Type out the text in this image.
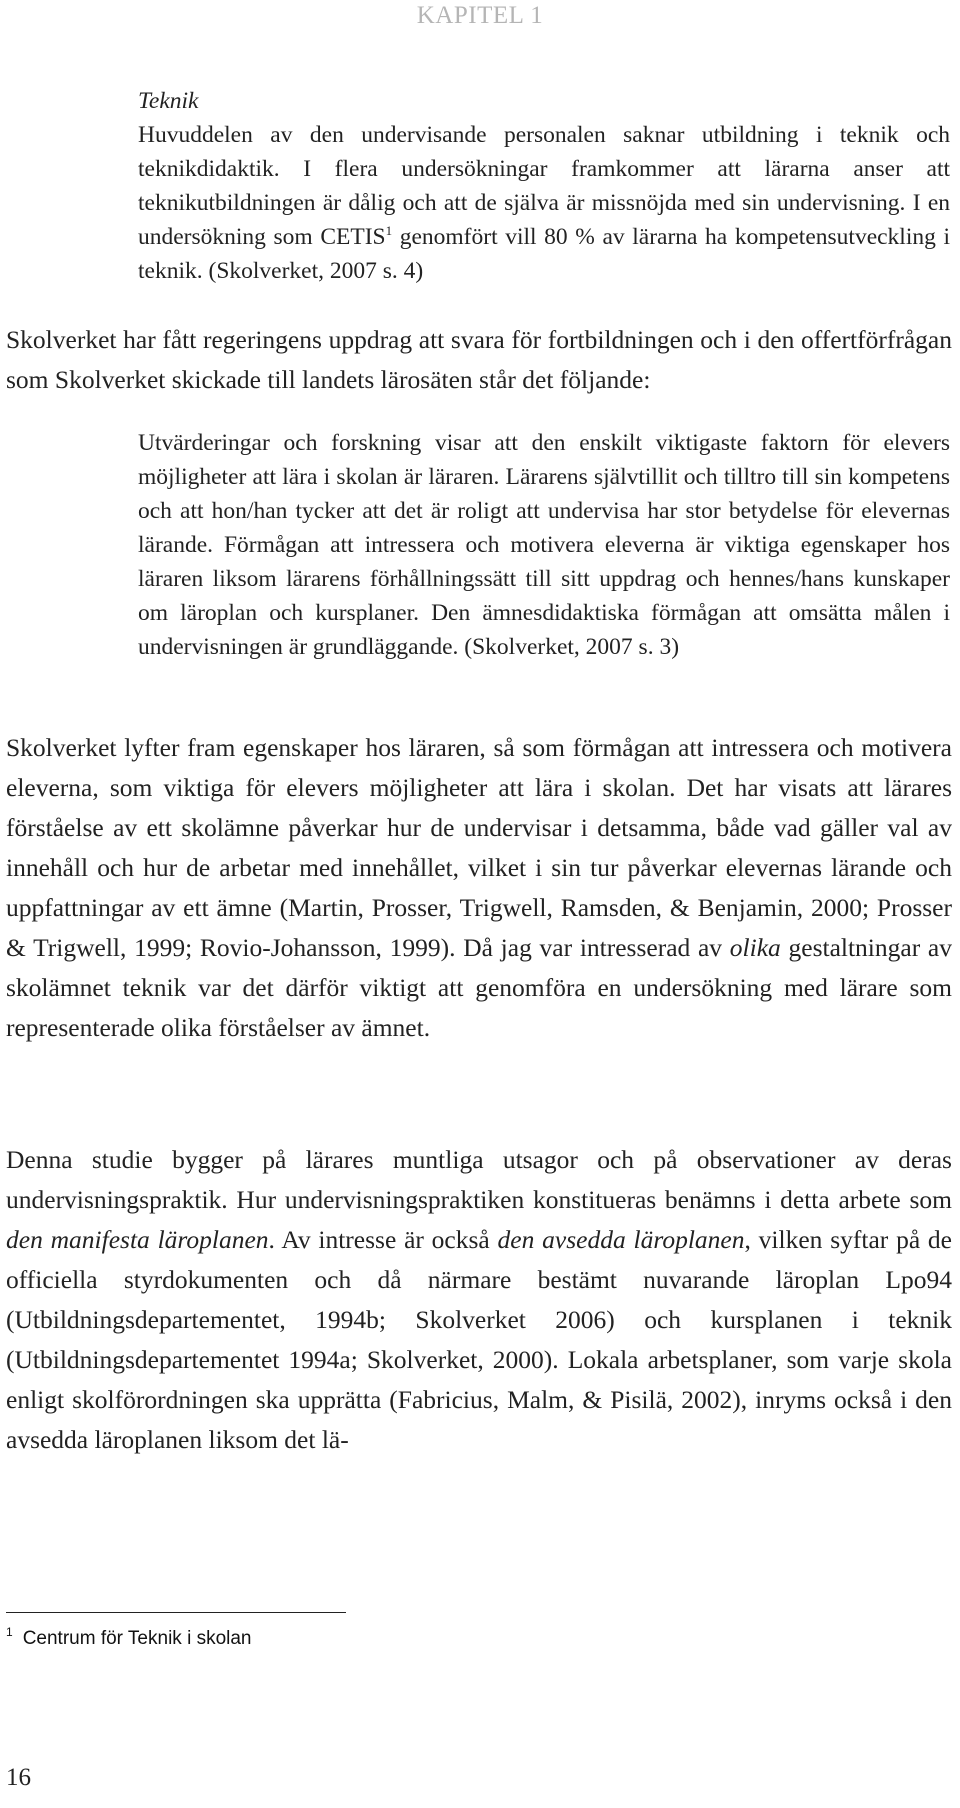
KAPITEL 1

Teknik

Huvuddelen av den undervisande personalen saknar utbildning i teknik och teknikdidaktik. I flera undersökningar framkommer att lärarna anser att teknikutbildningen är dålig och att de själva är missnöjda med sin undervisning. I en undersökning som CETIS$^1$ genomfört vill 80 % av lärarna ha kompetensutveckling i teknik. (Skolverket, 2007 s. 4)

Skolverket har fått regeringens uppdrag att svara för fortbildningen och i den offertförfrågan som Skolverket skickade till landets lärosäten står det följande:

Utvärderingar och forskning visar att den enskilt viktigaste faktorn för elevers möjligheter att lära i skolan är läraren. Lärarens självtillit och tilltro till sin kompetens och att hon/han tycker att det är roligt att undervisa har stor betydelse för elevernas lärande. Förmågan att intressera och motivera eleverna är viktiga egenskaper hos läraren liksom lärarens förhållningssätt till sitt uppdrag och hennes/hans kunskaper om läroplan och kursplaner. Den ämnesdidaktiska förmågan att omsätta målen i undervisningen är grundläggande. (Skolverket, 2007 s. 3)

Skolverket lyfter fram egenskaper hos läraren, så som förmågan att intressera och motivera eleverna, som viktiga för elevers möjligheter att lära i skolan. Det har visats att lärares förståelse av ett skolämne påverkar hur de undervisar i detsamma, både vad gäller val av innehåll och hur de arbetar med innehållet, vilket i sin tur påverkar elevernas lärande och uppfattningar av ett ämne (Martin, Prosser, Trigwell, Ramsden, & Benjamin, 2000; Prosser & Trigwell, 1999; Rovio-Johansson, 1999). Då jag var intresserad av olika gestaltningar av skolämnet teknik var det därför viktigt att genomföra en undersökning med lärare som representerade olika förståelser av ämnet.

Denna studie bygger på lärares muntliga utsagor och på observationer av deras undervisningspraktik. Hur undervisningspraktiken konstitueras benämns i detta arbete som den manifesta läroplanen. Av intresse är också den avsedda läroplanen, vilken syftar på de officiella styrdokumenten och då närmare bestämt nuvarande läroplan Lpo94 (Utbildningsdepartementet, 1994b; Skolverket 2006) och kursplanen i teknik (Utbildningsdepartementet 1994a; Skolverket, 2000). Lokala arbetsplaner, som varje skola enligt skolförordningen ska upprätta (Fabricius, Malm, & Pisilä, 2002), inryms också i den avsedda läroplanen liksom det lä-

$^1$ Centrum för Teknik i skolan
16
